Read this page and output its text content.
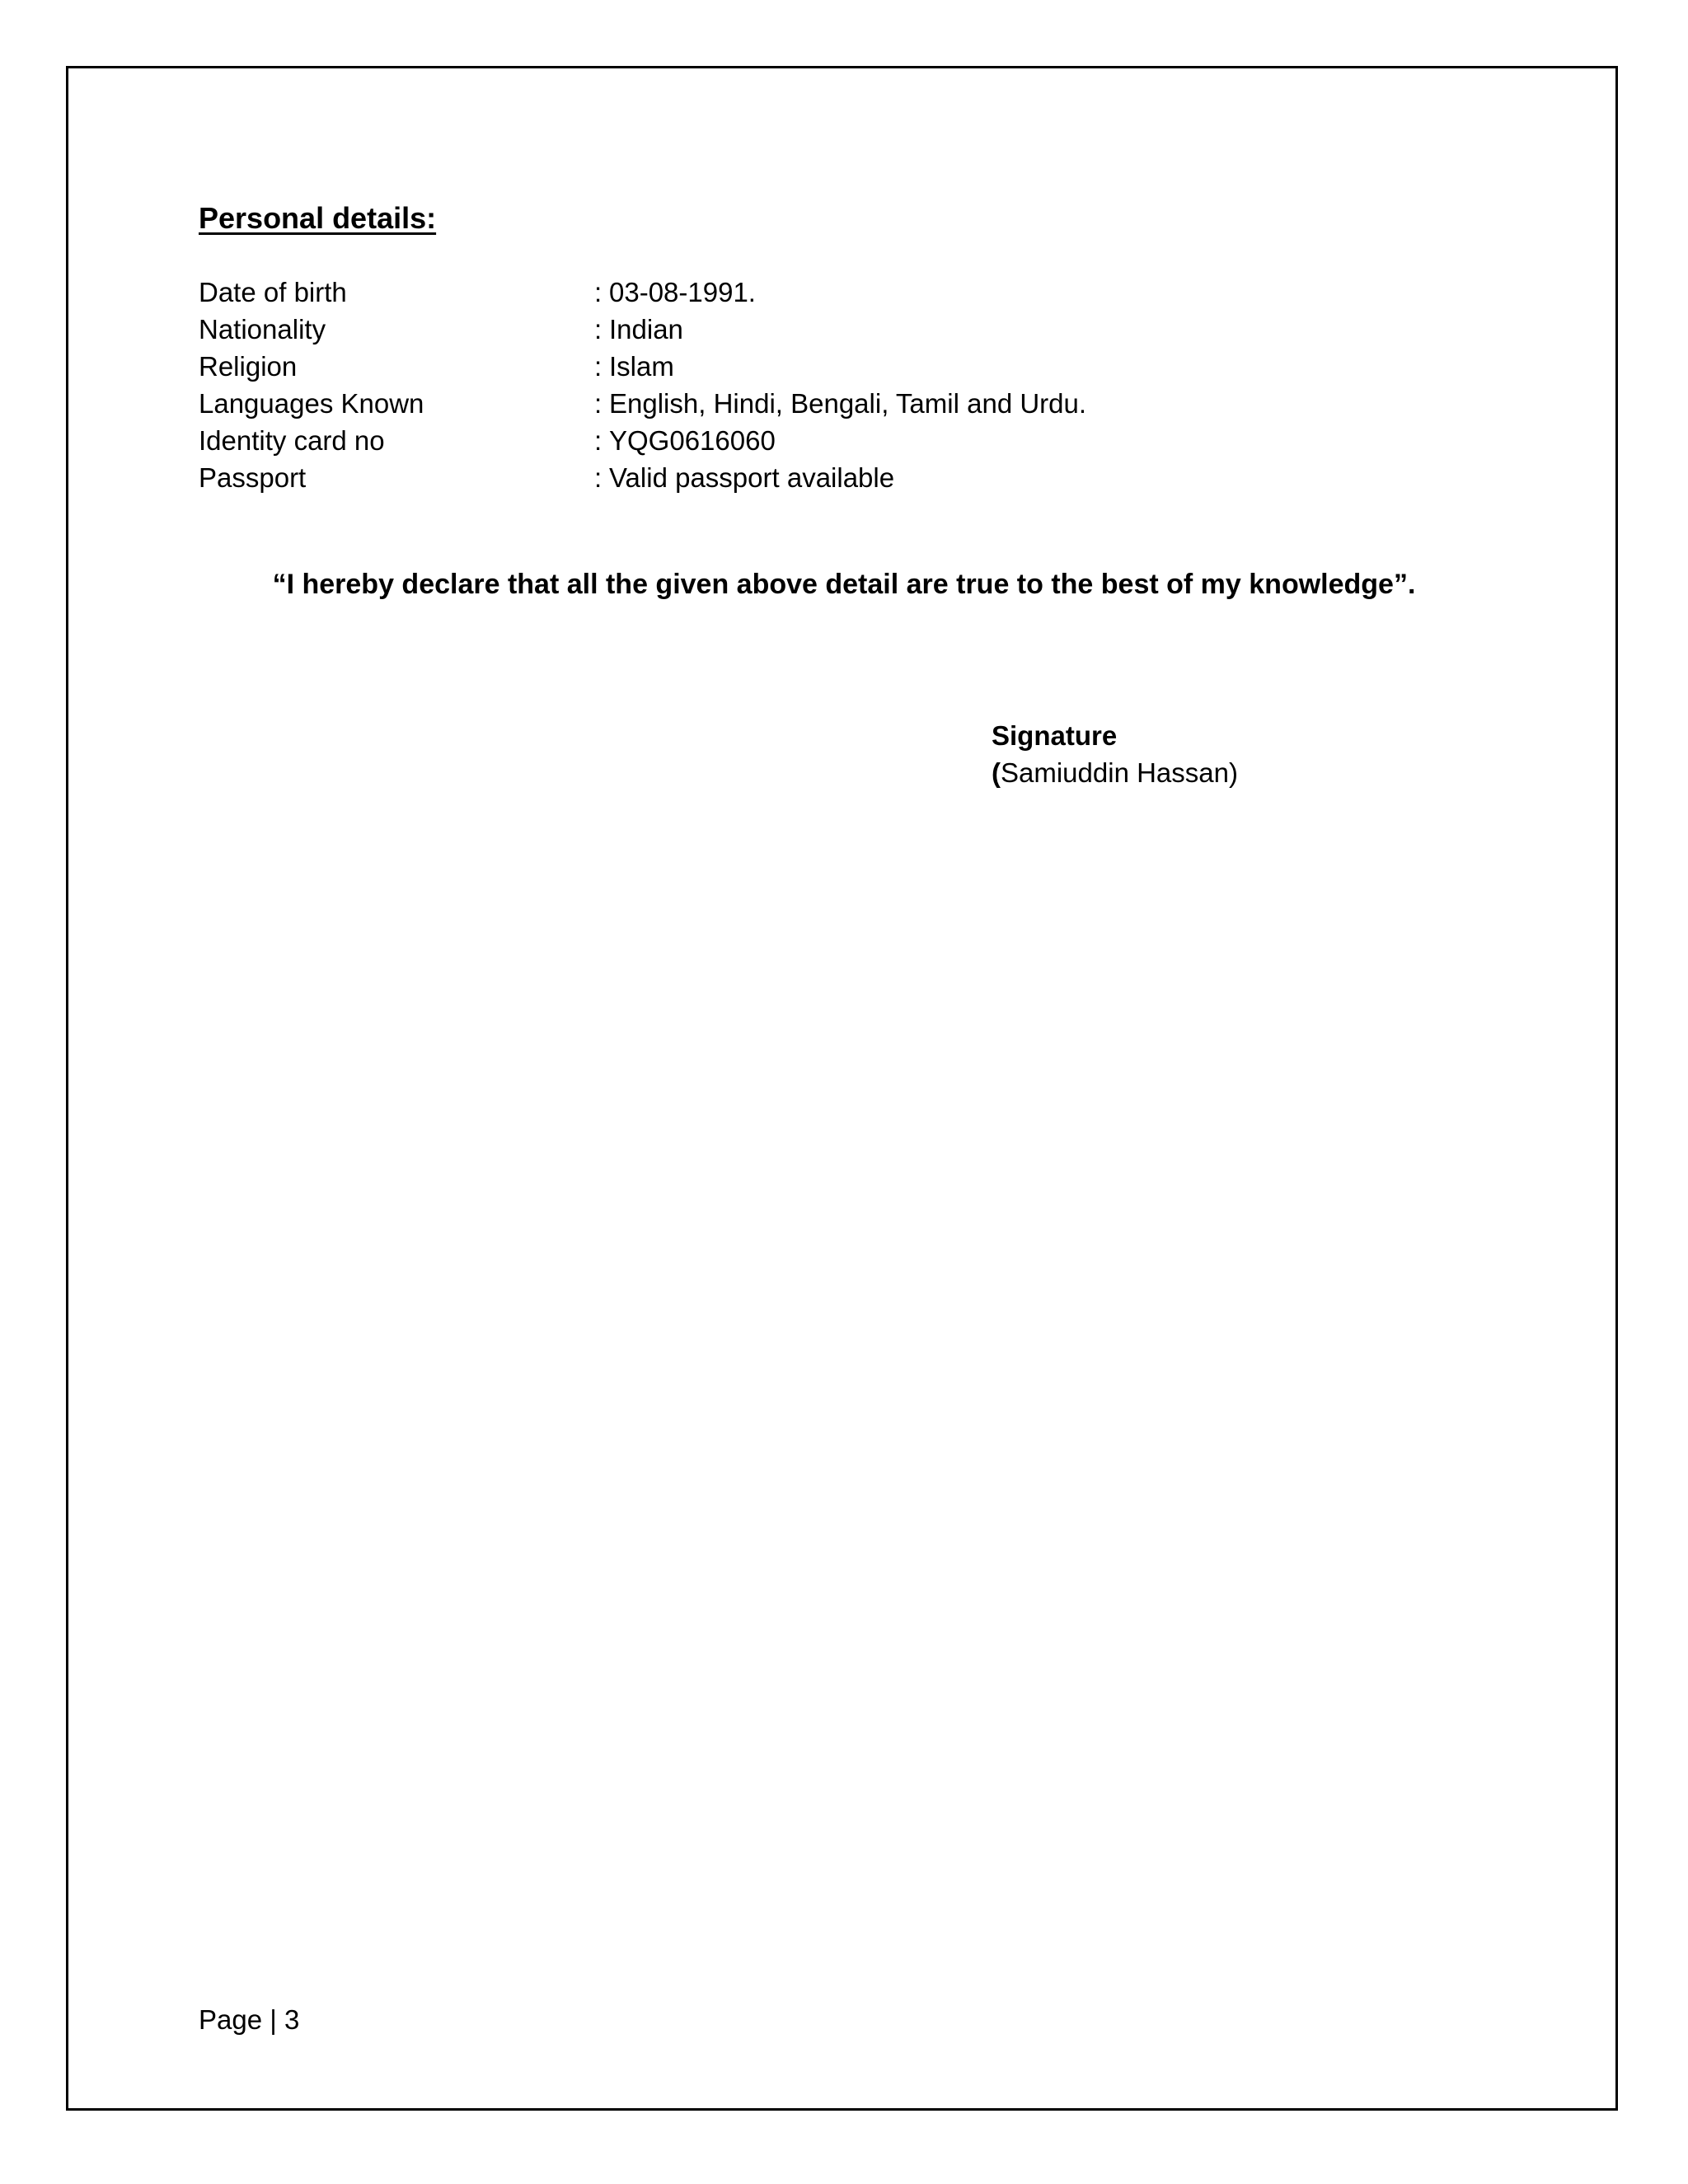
Personal details:
Date of birth	: 03-08-1991.
Nationality	: Indian
Religion	: Islam
Languages Known	: English, Hindi, Bengali, Tamil and Urdu.
Identity card no	: YQG0616060
Passport	: Valid passport available

“I hereby declare that all the given above detail are true to the best of my knowledge”.

Signature
(Samiuddin Hassan)
Page | 3
